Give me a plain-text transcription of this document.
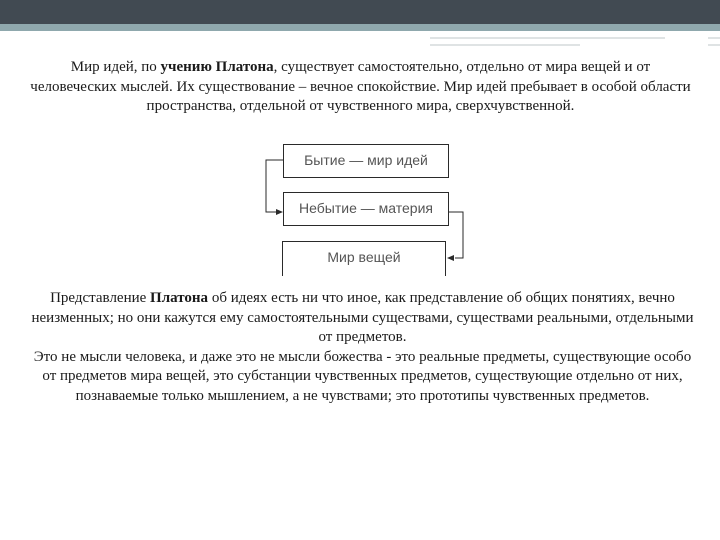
Мир идей, по учению Платона, существует самостоятельно, отдельно от мира вещей и от человеческих мыслей. Их существование – вечное спокойствие. Мир идей пребывает в особой области пространства, отдельной от чувственного мира, сверхчувственной.
Бытие — мир идей
Небытие — материя
Мир вещей
Представление Платона об идеях есть ни что иное, как представление об общих понятиях, вечно неизменных; но они кажутся ему самостоятельными существами, существами реальными, отдельными от предметов.
Это не мысли человека, и даже это не мысли божества - это реальные предметы, существующие особо от предметов мира вещей, это субстанции чувственных предметов, существующие отдельно от них, познаваемые только мышлением, а не чувствами; это прототипы чувственных предметов.
